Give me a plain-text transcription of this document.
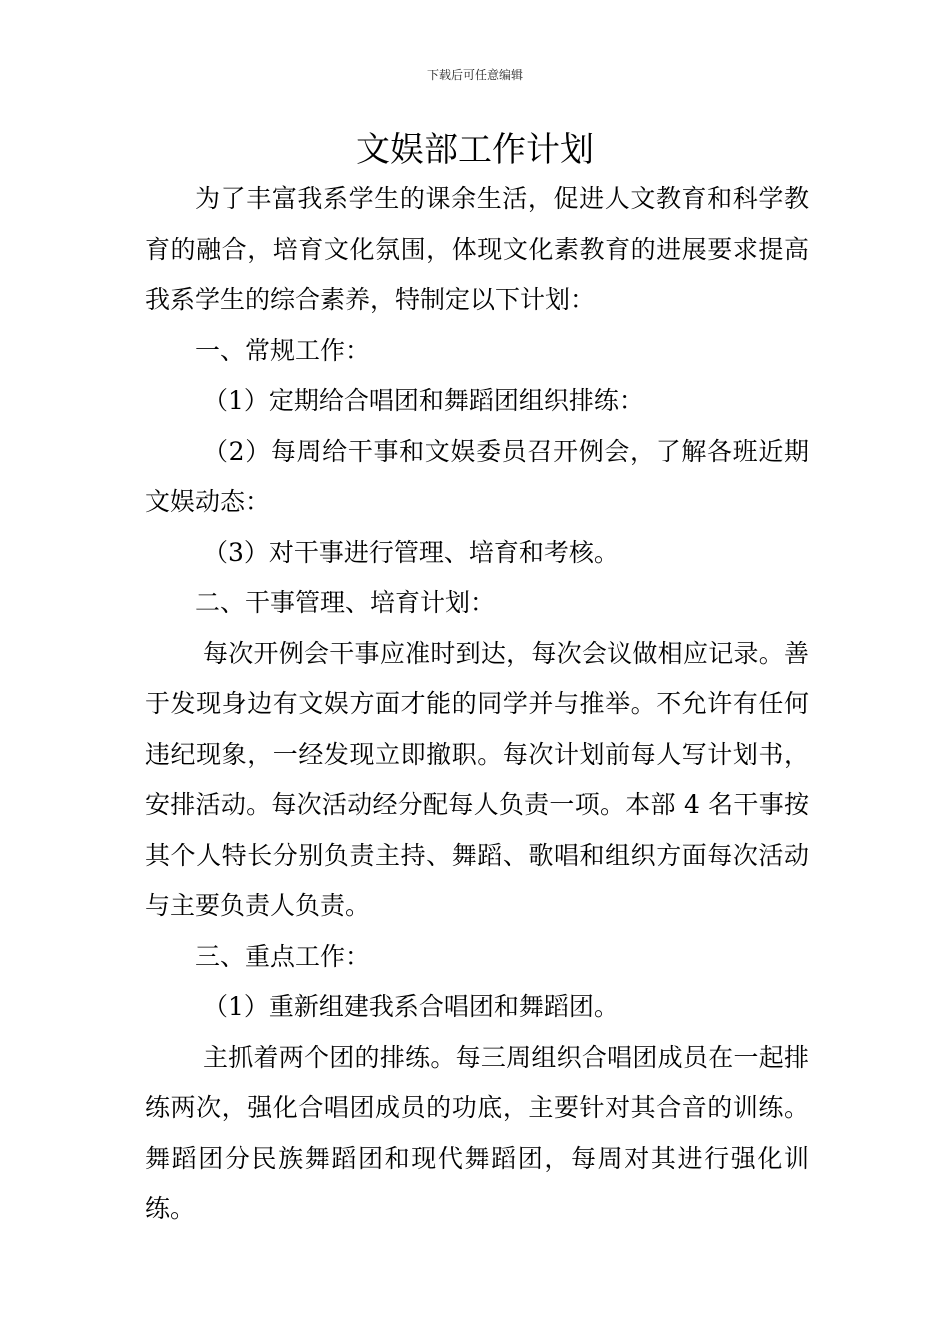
下载后可任意编辑
文娱部工作计划

为了丰富我系学生的课余生活，促进人文教育和科学教育的融合，培育文化氛围，体现文化素教育的进展要求提高我系学生的综合素养，特制定以下计划：

一、常规工作：

（1）定期给合唱团和舞蹈团组织排练：

（2）每周给干事和文娱委员召开例会，了解各班近期文娱动态：

（3）对干事进行管理、培育和考核。

二、干事管理、培育计划：

每次开例会干事应准时到达，每次会议做相应记录。善于发现身边有文娱方面才能的同学并与推举。不允许有任何违纪现象，一经发现立即撤职。每次计划前每人写计划书，安排活动。每次活动经分配每人负责一项。本部 4 名干事按其个人特长分别负责主持、舞蹈、歌唱和组织方面每次活动与主要负责人负责。

三、重点工作：

（1）重新组建我系合唱团和舞蹈团。

主抓着两个团的排练。每三周组织合唱团成员在一起排练两次，强化合唱团成员的功底，主要针对其合音的训练。舞蹈团分民族舞蹈团和现代舞蹈团，每周对其进行强化训练。
